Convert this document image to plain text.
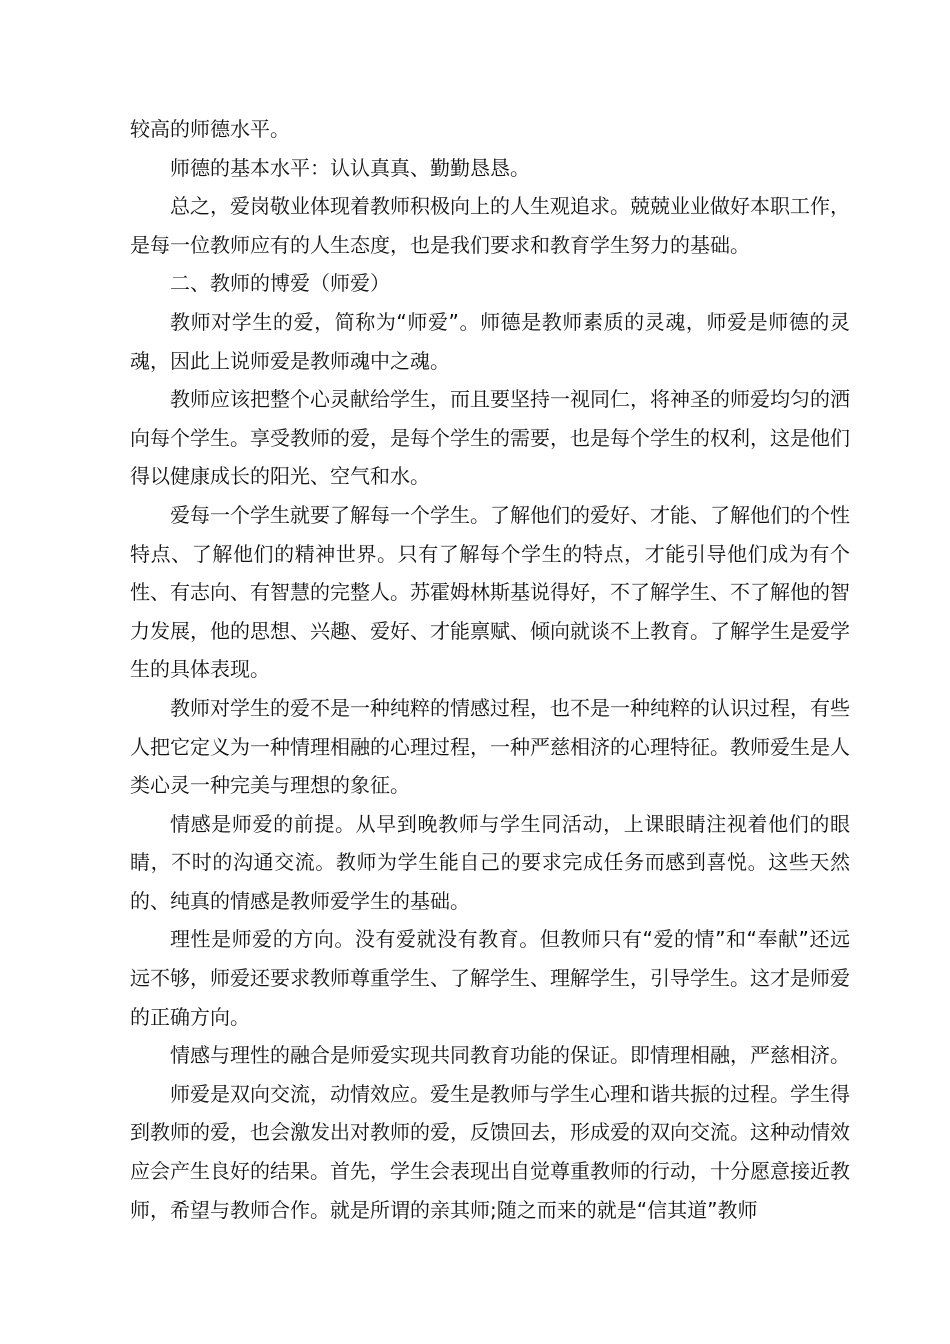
较高的师德水平。

师德的基本水平：认认真真、勤勤恳恳。

总之，爱岗敬业体现着教师积极向上的人生观追求。兢兢业业做好本职工作，是每一位教师应有的人生态度，也是我们要求和教育学生努力的基础。

二、教师的博爱（师爱）

教师对学生的爱，简称为“师爱”。师德是教师素质的灵魂，师爱是师德的灵魂，因此上说师爱是教师魂中之魂。

教师应该把整个心灵献给学生，而且要坚持一视同仁，将神圣的师爱均匀的洒向每个学生。享受教师的爱，是每个学生的需要，也是每个学生的权利，这是他们得以健康成长的阳光、空气和水。

爱每一个学生就要了解每一个学生。了解他们的爱好、才能、了解他们的个性特点、了解他们的精神世界。只有了解每个学生的特点，才能引导他们成为有个性、有志向、有智慧的完整人。苏霍姆林斯基说得好，不了解学生、不了解他的智力发展，他的思想、兴趣、爱好、才能禀赋、倾向就谈不上教育。了解学生是爱学生的具体表现。

教师对学生的爱不是一种纯粹的情感过程，也不是一种纯粹的认识过程，有些人把它定义为一种情理相融的心理过程，一种严慈相济的心理特征。教师爱生是人类心灵一种完美与理想的象征。

情感是师爱的前提。从早到晚教师与学生同活动，上课眼睛注视着他们的眼睛，不时的沟通交流。教师为学生能自己的要求完成任务而感到喜悦。这些天然的、纯真的情感是教师爱学生的基础。

理性是师爱的方向。没有爱就没有教育。但教师只有“爱的情”和“奉献”还远远不够，师爱还要求教师尊重学生、了解学生、理解学生，引导学生。这才是师爱的正确方向。

情感与理性的融合是师爱实现共同教育功能的保证。即情理相融，严慈相济。

师爱是双向交流，动情效应。爱生是教师与学生心理和谐共振的过程。学生得到教师的爱，也会激发出对教师的爱，反馈回去，形成爱的双向交流。这种动情效应会产生良好的结果。首先，学生会表现出自觉尊重教师的行动，十分愿意接近教师，希望与教师合作。就是所谓的亲其师;随之而来的就是“信其道”教师
